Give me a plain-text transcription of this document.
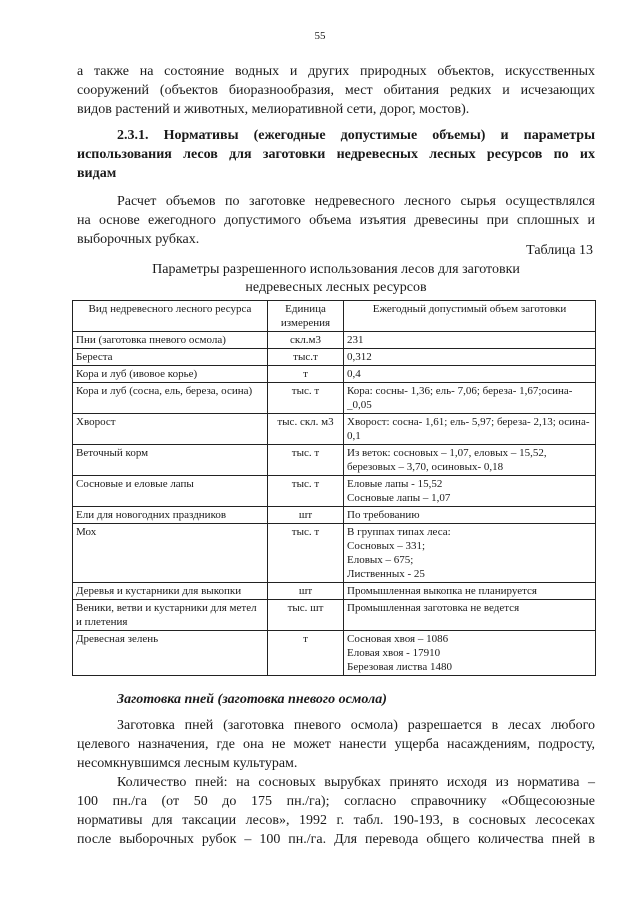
55

а также на состояние водных и других природных объектов, искусственных
сооружений (объектов биоразнообразия, мест обитания редких и исчезающих
видов растений и животных, мелиоративной сети, дорог, мостов).

2.3.1. Нормативы (ежегодные допустимые объемы) и параметры
использования лесов для заготовки недревесных лесных ресурсов по их
видам

Расчет объемов по заготовке недревесного лесного сырья осуществлялся
на основе ежегодного допустимого объема изъятия древесины при сплошных и
выборочных рубках.

Таблица 13
Параметры разрешенного использования лесов для заготовки
недревесных лесных ресурсов
Вид недревесного лесного ресурса	Единица измерения	Ежегодный допустимый объем заготовки
Пни (заготовка пневого осмола)	скл.м3	231

Береста	тыс.т	0,312

Кора и луб (ивовое корье)	т	0,4

Кора и луб (сосна, ель, береза, осина)	тыс. т	Кора: сосны- 1,36; ель- 7,06; береза- 1,67;осина-_0,05

Хворост	тыс. скл. м3	Хворост: сосна- 1,61; ель- 5,97; береза- 2,13; осина- 0,1

Веточный корм	тыс. т	Из веток: сосновых – 1,07, еловых – 15,52, березовых – 3,70, осиновых- 0,18

Сосновые и еловые лапы	тыс. т	Еловые лапы - 15,52
Сосновые лапы – 1,07

Ели для новогодних праздников	шт	По требованию

Мох	тыс. т	В группах типах леса:
Сосновых – 331;
Еловых – 675;
Лиственных - 25

Деревья и кустарники для выкопки	шт	Промышленная выкопка не планируется

Веники, ветви и кустарники для метел и плетения	тыс. шт	Промышленная заготовка не ведется

Древесная зелень	т	Сосновая хвоя – 1086
Еловая хвоя - 17910
Березовая листва 1480
Заготовка пней (заготовка пневого осмола)

Заготовка пней (заготовка пневого осмола) разрешается в лесах любого
целевого назначения, где она не может нанести ущерба насаждениям, подросту,
несомкнувшимся лесным культурам.

Количество пней: на сосновых вырубках принято исходя из норматива –
100 пн./га (от 50 до 175 пн./га); согласно справочнику «Общесоюзные
нормативы для таксации лесов», 1992 г. табл. 190-193, в сосновых лесосеках
после выборочных рубок – 100 пн./га. Для перевода общего количества пней в
